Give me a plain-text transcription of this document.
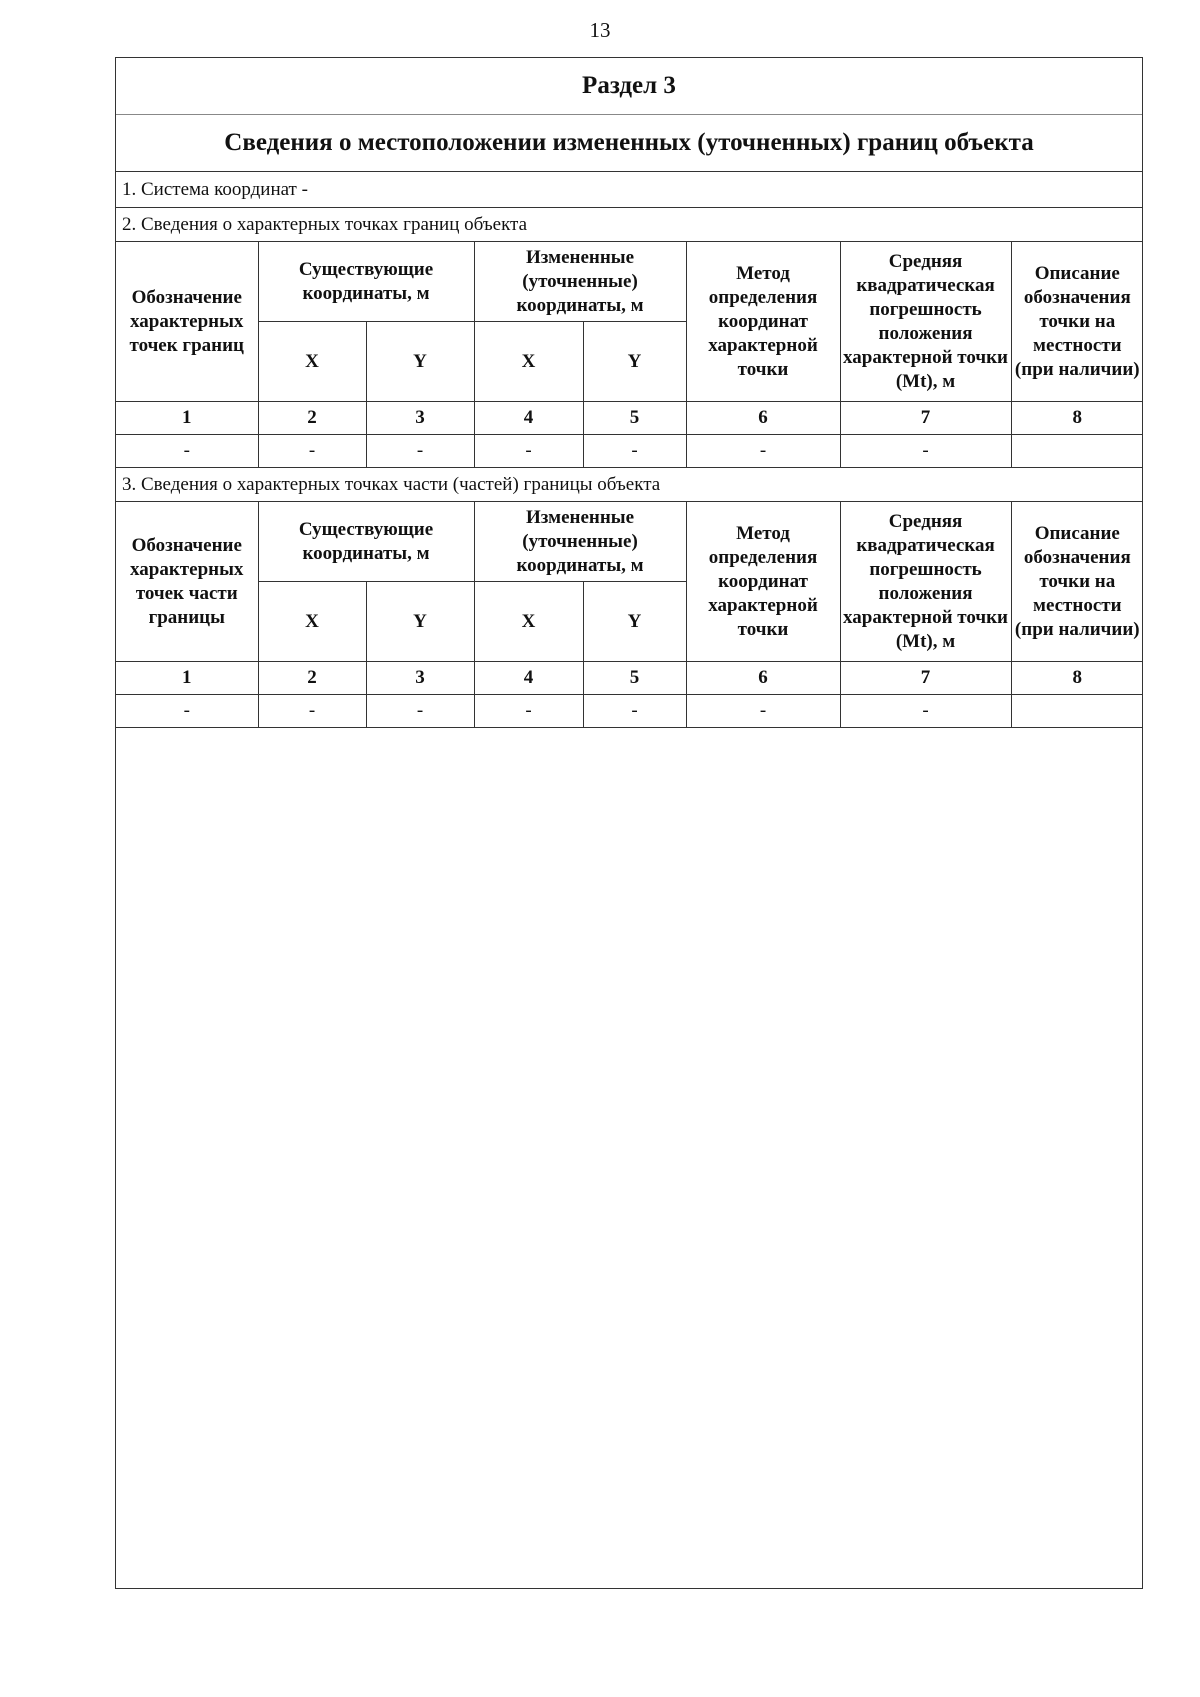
13
Раздел 3
Сведения о местоположении измененных (уточненных) границ объекта
1. Система координат -
2. Сведения о характерных точках границ объекта
Обозначение характерных точек границ	Существующие координаты, м		Измененные (уточненные) координаты, м		Метод определения координат характерной точки	Средняя квадратическая погрешность положения характерной точки (Mt), м	Описание обозначения точки на местности (при наличии)
	X	Y	X	Y			
1	2	3	4	5	6	7	8
-	-	-	-	-	-	-	
3. Сведения о характерных точках части (частей) границы объекта
Обозначение характерных точек части границы	Существующие координаты, м		Измененные (уточненные) координаты, м		Метод определения координат характерной точки	Средняя квадратическая погрешность положения характерной точки (Mt), м	Описание обозначения точки на местности (при наличии)
	X	Y	X	Y			
1	2	3	4	5	6	7	8
-	-	-	-	-	-	-	
